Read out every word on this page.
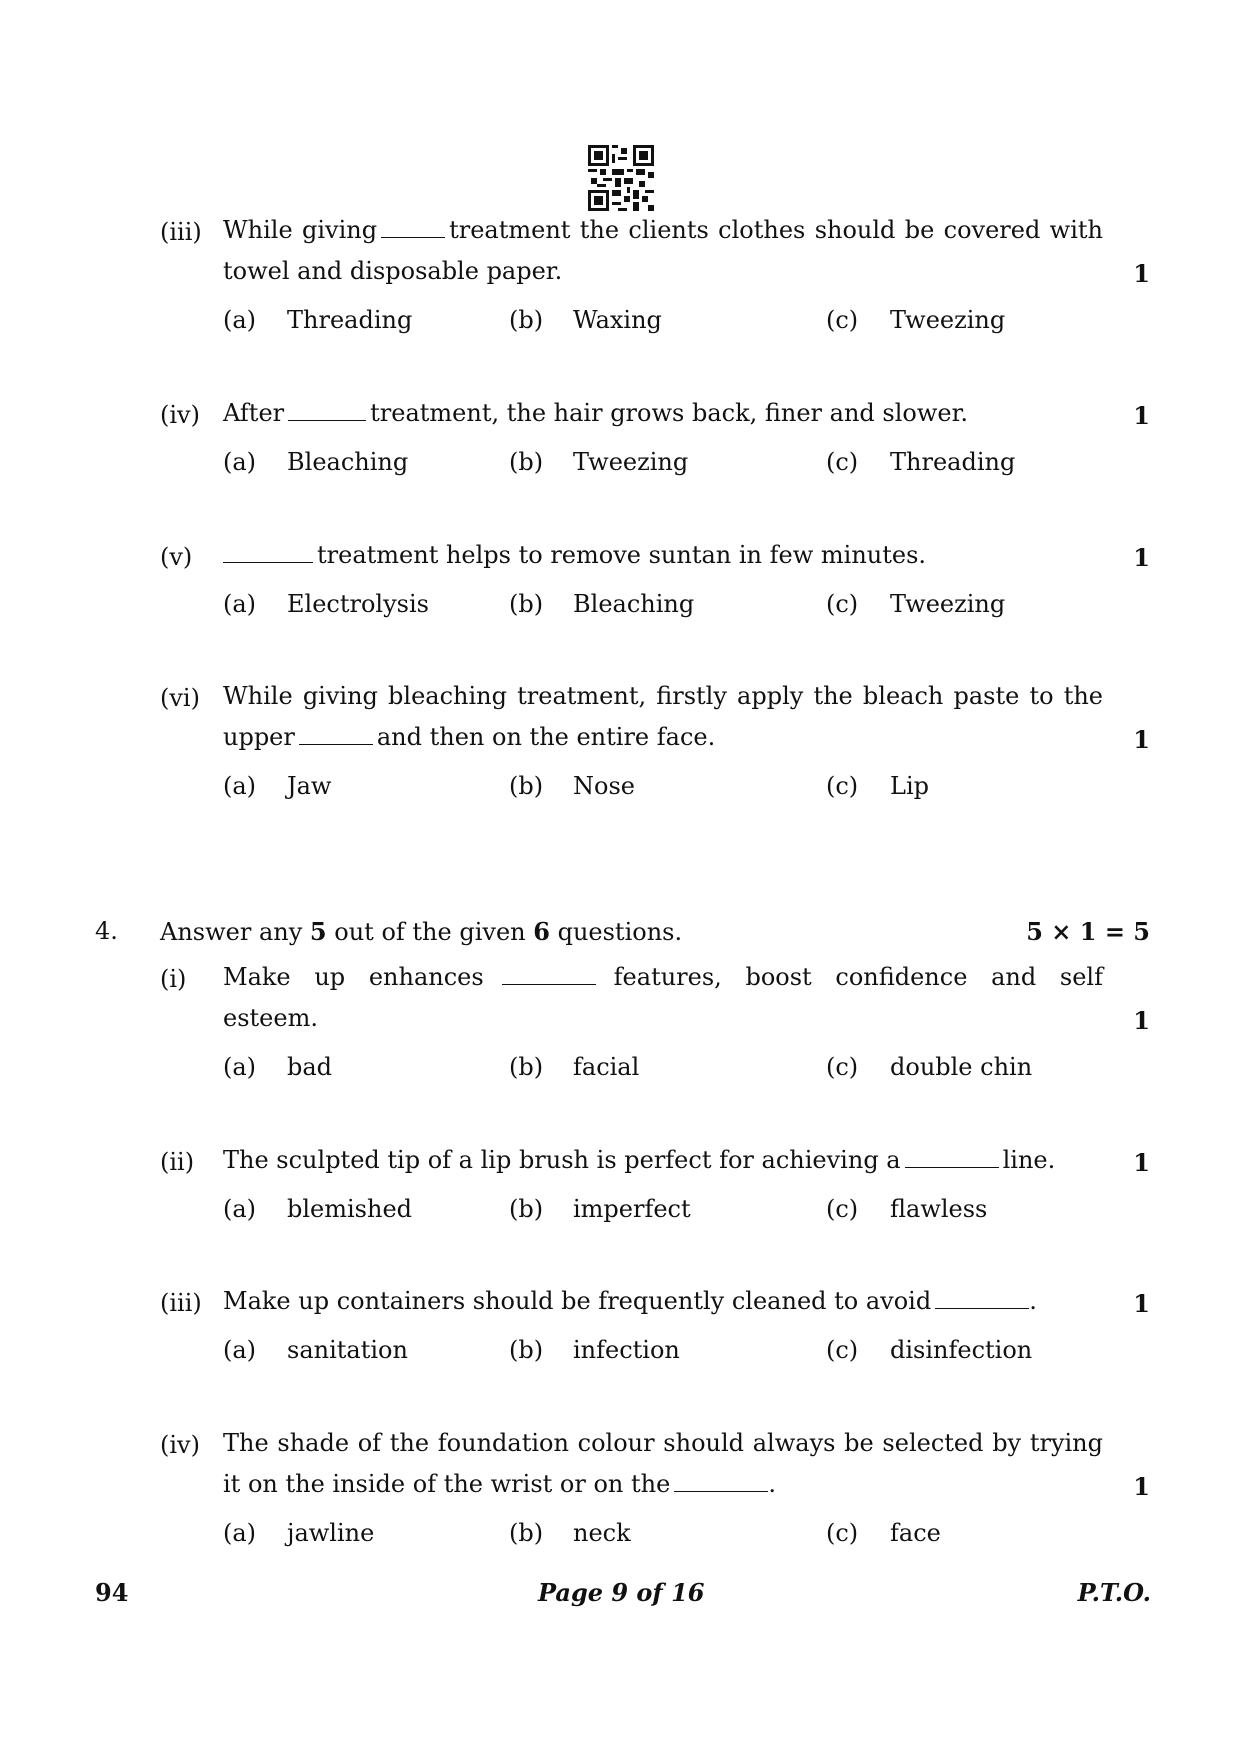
(iii) While giving	treatment the clients clothes should be covered with towel and disposable paper.	1
(a) Threading	(b) Waxing	(c) Tweezing
(iv) After	treatment, the hair grows back, finer and slower.	1
(a) Bleaching	(b) Tweezing	(c) Threading
(v)	treatment helps to remove suntan in few minutes.	1
(a) Electrolysis	(b) Bleaching	(c) Tweezing
(vi) While giving bleaching treatment, firstly apply the bleach paste to the upper	and then on the entire face.	1
(a) Jaw	(b) Nose	(c) Lip
4. Answer any 5 out of the given 6 questions.	5 × 1 = 5
(i) Make up enhances	features, boost confidence and self esteem.	1
(a) bad	(b) facial	(c) double chin
(ii) The sculpted tip of a lip brush is perfect for achieving a	line.	1
(a) blemished	(b) imperfect	(c) flawless
(iii) Make up containers should be frequently cleaned to avoid	.	1
(a) sanitation	(b) infection	(c) disinfection
(iv) The shade of the foundation colour should always be selected by trying it on the inside of the wrist or on the	.	1
(a) jawline	(b) neck	(c) face
94	Page 9 of 16	P.T.O.
